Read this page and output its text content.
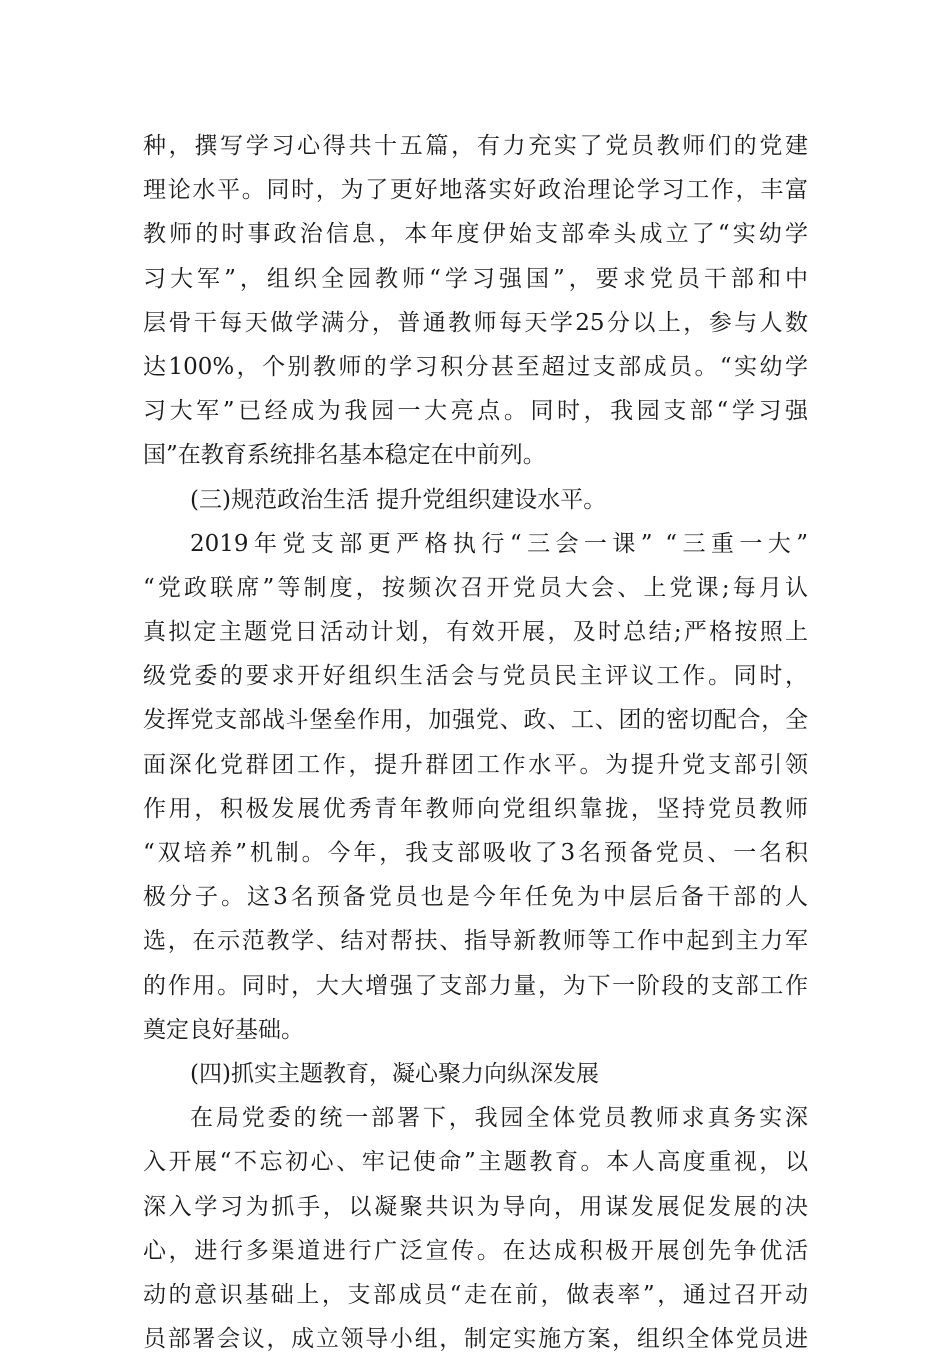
种，撰写学习心得共十五篇，有力充实了党员教师们的党建
理论水平。同时，为了更好地落实好政治理论学习工作，丰富
教师的时事政治信息，本年度伊始支部牵头成立了“实幼学
习大军”，组织全园教师“学习强国”，要求党员干部和中
层骨干每天做学满分，普通教师每天学25分以上，参与人数
达100%，个别教师的学习积分甚至超过支部成员。“实幼学
习大军”已经成为我园一大亮点。同时，我园支部“学习强
国”在教育系统排名基本稳定在中前列。
(三)规范政治生活 提升党组织建设水平。
2019年党支部更严格执行“三会一课” “三重一大”
“党政联席”等制度，按频次召开党员大会、上党课;每月认
真拟定主题党日活动计划，有效开展，及时总结;严格按照上
级党委的要求开好组织生活会与党员民主评议工作。同时，
发挥党支部战斗堡垒作用，加强党、政、工、团的密切配合，全
面深化党群团工作，提升群团工作水平。为提升党支部引领
作用，积极发展优秀青年教师向党组织靠拢，坚持党员教师
“双培养”机制。今年，我支部吸收了3名预备党员、一名积
极分子。这3名预备党员也是今年任免为中层后备干部的人
选，在示范教学、结对帮扶、指导新教师等工作中起到主力军
的作用。同时，大大增强了支部力量，为下一阶段的支部工作
奠定良好基础。
(四)抓实主题教育，凝心聚力向纵深发展
在局党委的统一部署下，我园全体党员教师求真务实深
入开展“不忘初心、牢记使命”主题教育。本人高度重视，以
深入学习为抓手，以凝聚共识为导向，用谋发展促发展的决
心，进行多渠道进行广泛宣传。在达成积极开展创先争优活
动的意识基础上，支部成员“走在前，做表率”，通过召开动
员部署会议，成立领导小组，制定实施方案，组织全体党员进
